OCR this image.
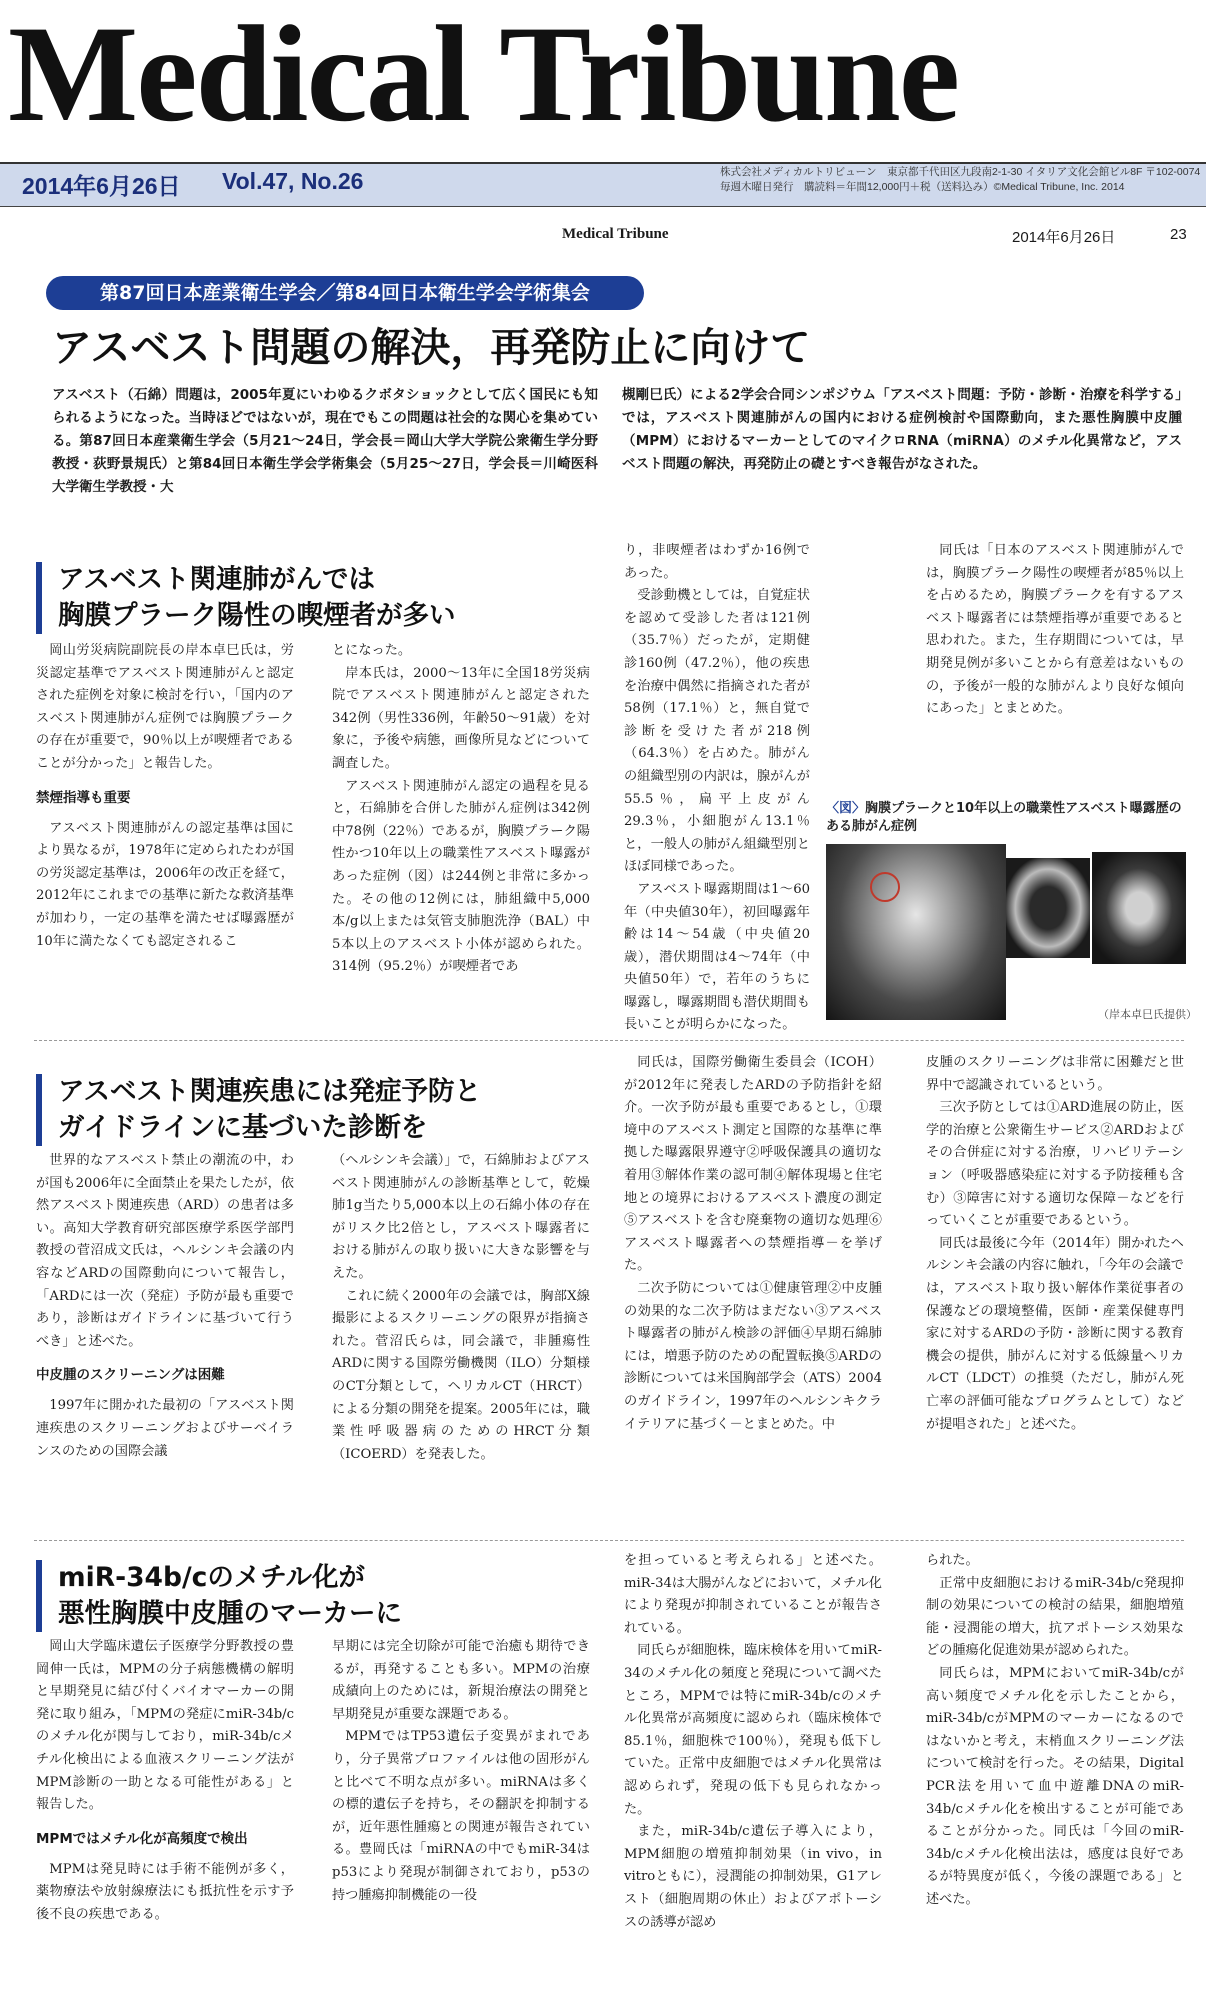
Medical Tribune
2014年6月26日 Vol.47, No.26	株式会社メディカルトリビューン　東京都千代田区九段南2-1-30 イタリア文化会館ビル8F 〒102-0074
毎週木曜日発行　購読料＝年間12,000円＋税（送料込み）©Medical Tribune, Inc. 2014
Medical Tribune	2014年6月26日	23
第87回日本産業衛生学会／第84回日本衛生学会学術集会
アスベスト問題の解決，再発防止に向けて
アスベスト（石綿）問題は，2005年夏にいわゆるクボタショックとして広く国民にも知られるようになった。当時ほどではないが，現在でもこの問題は社会的な関心を集めている。第87回日本産業衛生学会（5月21〜24日，学会長＝岡山大学大学院公衆衛生学分野教授・荻野景規氏）と第84回日本衛生学会学術集会（5月25〜27日，学会長＝川崎医科大学衛生学教授・大
槻剛巳氏）による2学会合同シンポジウム「アスベスト問題：予防・診断・治療を科学する」では，アスベスト関連肺がんの国内における症例検討や国際動向，また悪性胸膜中皮腫（MPM）におけるマーカーとしてのマイクロRNA（miRNA）のメチル化異常など，アスベスト問題の解決，再発防止の礎とすべき報告がなされた。
アスベスト関連肺がんでは
胸膜プラーク陽性の喫煙者が多い

岡山労災病院副院長の岸本卓巳氏は，労災認定基準でアスベスト関連肺がんと認定された症例を対象に検討を行い，「国内のアスベスト関連肺がん症例では胸膜プラークの存在が重要で，90％以上が喫煙者であることが分かった」と報告した。

禁煙指導も重要

アスベスト関連肺がんの認定基準は国により異なるが，1978年に定められたわが国の労災認定基準は，2006年の改正を経て，2012年にこれまでの基準に新たな救済基準が加わり，一定の基準を満たせば曝露歴が10年に満たなくても認定されるこ

とになった。

岸本氏は，2000〜13年に全国18労災病院でアスベスト関連肺がんと認定された342例（男性336例，年齢50〜91歳）を対象に，予後や病態，画像所見などについて調査した。

アスベスト関連肺がん認定の過程を見ると，石綿肺を合併した肺がん症例は342例中78例（22％）であるが，胸膜プラーク陽性かつ10年以上の職業性アスベスト曝露があった症例（図）は244例と非常に多かった。その他の12例には，肺組織中5,000本/g以上または気管支肺胞洗浄（BAL）中5本以上のアスベスト小体が認められた。314例（95.2％）が喫煙者であ

り，非喫煙者はわずか16例であった。

受診動機としては，自覚症状を認めて受診した者は121例（35.7％）だったが，定期健診160例（47.2％），他の疾患を治療中偶然に指摘された者が58例（17.1％）と，無自覚で診断を受けた者が218例（64.3％）を占めた。肺がんの組織型別の内訳は，腺がんが55.5％，扁平上皮がん29.3％，小細胞がん13.1％と，一般人の肺がん組織型別とほぼ同様であった。

アスベスト曝露期間は1〜60年（中央値30年），初回曝露年齢は14〜54歳（中央値20歳），潜伏期間は4〜74年（中央値50年）で，若年のうちに曝露し，曝露期間も潜伏期間も長いことが明らかになった。

同氏は「日本のアスベスト関連肺がんでは，胸膜プラーク陽性の喫煙者が85％以上を占めるため，胸膜プラークを有するアスベスト曝露者には禁煙指導が重要であると思われた。また，生存期間については，早期発見例が多いことから有意差はないものの，予後が一般的な肺がんより良好な傾向にあった」とまとめた。

〈図〉胸膜プラークと10年以上の職業性アスベスト曝露歴のある肺がん症例
（岸本卓巳氏提供）
アスベスト関連疾患には発症予防と
ガイドラインに基づいた診断を

世界的なアスベスト禁止の潮流の中，わが国も2006年に全面禁止を果たしたが，依然アスベスト関連疾患（ARD）の患者は多い。高知大学教育研究部医療学系医学部門教授の菅沼成文氏は，ヘルシンキ会議の内容などARDの国際動向について報告し，「ARDには一次（発症）予防が最も重要であり，診断はガイドラインに基づいて行うべき」と述べた。

中皮腫のスクリーニングは困難

1997年に開かれた最初の「アスベスト関連疾患のスクリーニングおよびサーベイランスのための国際会議

（ヘルシンキ会議）」で，石綿肺およびアスベスト関連肺がんの診断基準として，乾燥肺1g当たり5,000本以上の石綿小体の存在がリスク比2倍とし，アスベスト曝露者における肺がんの取り扱いに大きな影響を与えた。

これに続く2000年の会議では，胸部X線撮影によるスクリーニングの限界が指摘された。菅沼氏らは，同会議で，非腫瘍性ARDに関する国際労働機関（ILO）分類様のCT分類として，ヘリカルCT（HRCT）による分類の開発を提案。2005年には，職業性呼吸器病のためのHRCT分類（ICOERD）を発表した。

同氏は，国際労働衛生委員会（ICOH）が2012年に発表したARDの予防指針を紹介。一次予防が最も重要であるとし，①環境中のアスベスト測定と国際的な基準に準拠した曝露限界遵守②呼吸保護具の適切な着用③解体作業の認可制④解体現場と住宅地との境界におけるアスベスト濃度の測定⑤アスベストを含む廃棄物の適切な処理⑥アスベスト曝露者への禁煙指導－を挙げた。

二次予防については①健康管理②中皮腫の効果的な二次予防はまだない③アスベスト曝露者の肺がん検診の評価④早期石綿肺には，増悪予防のための配置転換⑤ARDの診断については米国胸部学会（ATS）2004のガイドライン，1997年のヘルシンキクライテリアに基づく－とまとめた。中

皮腫のスクリーニングは非常に困難だと世界中で認識されているという。

三次予防としては①ARD進展の防止，医学的治療と公衆衛生サービス②ARDおよびその合併症に対する治療，リハビリテーション（呼吸器感染症に対する予防接種も含む）③障害に対する適切な保障－などを行っていくことが重要であるという。

同氏は最後に今年（2014年）開かれたヘルシンキ会議の内容に触れ，「今年の会議では，アスベスト取り扱い解体作業従事者の保護などの環境整備，医師・産業保健専門家に対するARDの予防・診断に関する教育機会の提供，肺がんに対する低線量ヘリカルCT（LDCT）の推奨（ただし，肺がん死亡率の評価可能なプログラムとして）などが提唱された」と述べた。

miR-34b/cのメチル化が
悪性胸膜中皮腫のマーカーに

岡山大学臨床遺伝子医療学分野教授の豊岡伸一氏は，MPMの分子病態機構の解明と早期発見に結び付くバイオマーカーの開発に取り組み，「MPMの発症にmiR-34b/cのメチル化が関与しており，miR-34b/cメチル化検出による血液スクリーニング法がMPM診断の一助となる可能性がある」と報告した。

MPMではメチル化が高頻度で検出

MPMは発見時には手術不能例が多く，薬物療法や放射線療法にも抵抗性を示す予後不良の疾患である。

早期には完全切除が可能で治癒も期待できるが，再発することも多い。MPMの治療成績向上のためには，新規治療法の開発と早期発見が重要な課題である。

MPMではTP53遺伝子変異がまれであり，分子異常プロファイルは他の固形がんと比べて不明な点が多い。miRNAは多くの標的遺伝子を持ち，その翻訳を抑制するが，近年悪性腫瘍との関連が報告されている。豊岡氏は「miRNAの中でもmiR-34はp53により発現が制御されており，p53の持つ腫瘍抑制機能の一役

を担っていると考えられる」と述べた。miR-34は大腸がんなどにおいて，メチル化により発現が抑制されていることが報告されている。

同氏らが細胞株，臨床検体を用いてmiR-34のメチル化の頻度と発現について調べたところ，MPMでは特にmiR-34b/cのメチル化異常が高頻度に認められ（臨床検体で85.1％，細胞株で100％），発現も低下していた。正常中皮細胞ではメチル化異常は認められず，発現の低下も見られなかった。

また，miR-34b/c遺伝子導入により，MPM細胞の増殖抑制効果（in vivo，in vitroともに），浸潤能の抑制効果，G1アレスト（細胞周期の休止）およびアポトーシスの誘導が認め

られた。

正常中皮細胞におけるmiR-34b/c発現抑制の効果についての検討の結果，細胞増殖能・浸潤能の増大，抗アポトーシス効果などの腫瘍化促進効果が認められた。

同氏らは，MPMにおいてmiR-34b/cが高い頻度でメチル化を示したことから，miR-34b/cがMPMのマーカーになるのではないかと考え，末梢血スクリーニング法について検討を行った。その結果，Digital PCR法を用いて血中遊離DNAのmiR-34b/cメチル化を検出することが可能であることが分かった。同氏は「今回のmiR-34b/cメチル化検出法は，感度は良好であるが特異度が低く，今後の課題である」と述べた。
